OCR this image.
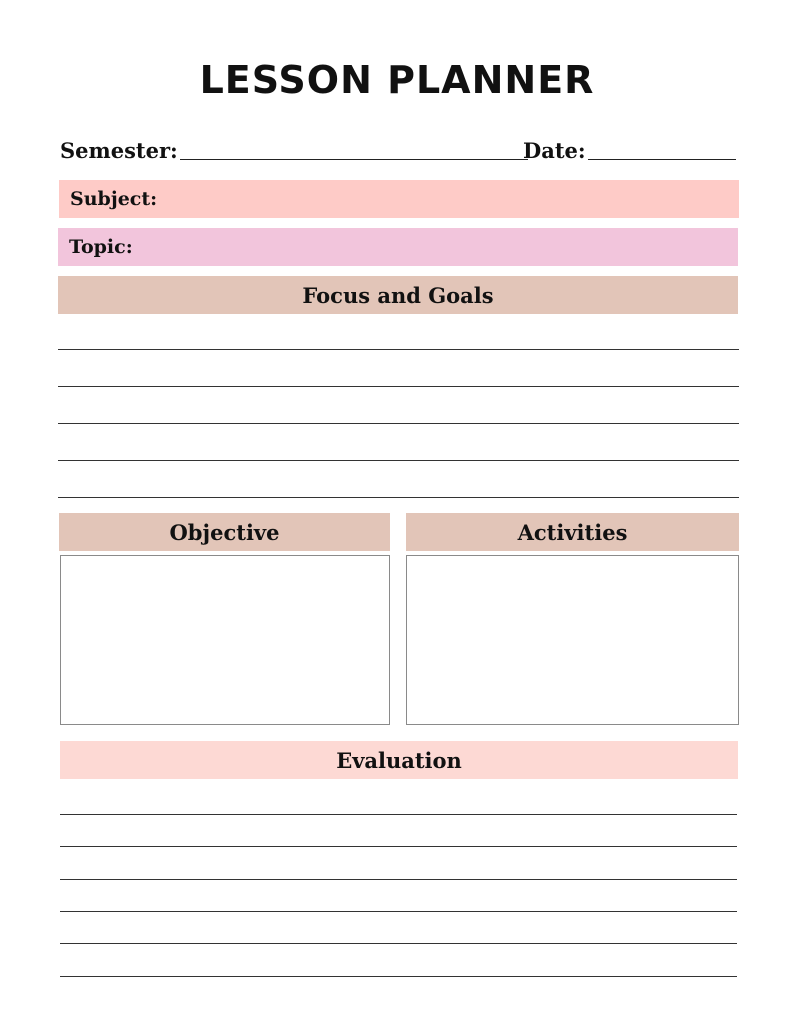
LESSON PLANNER
Semester:	Date:
Subject:
Topic:
Focus and Goals
Objective	Activities
Evaluation
